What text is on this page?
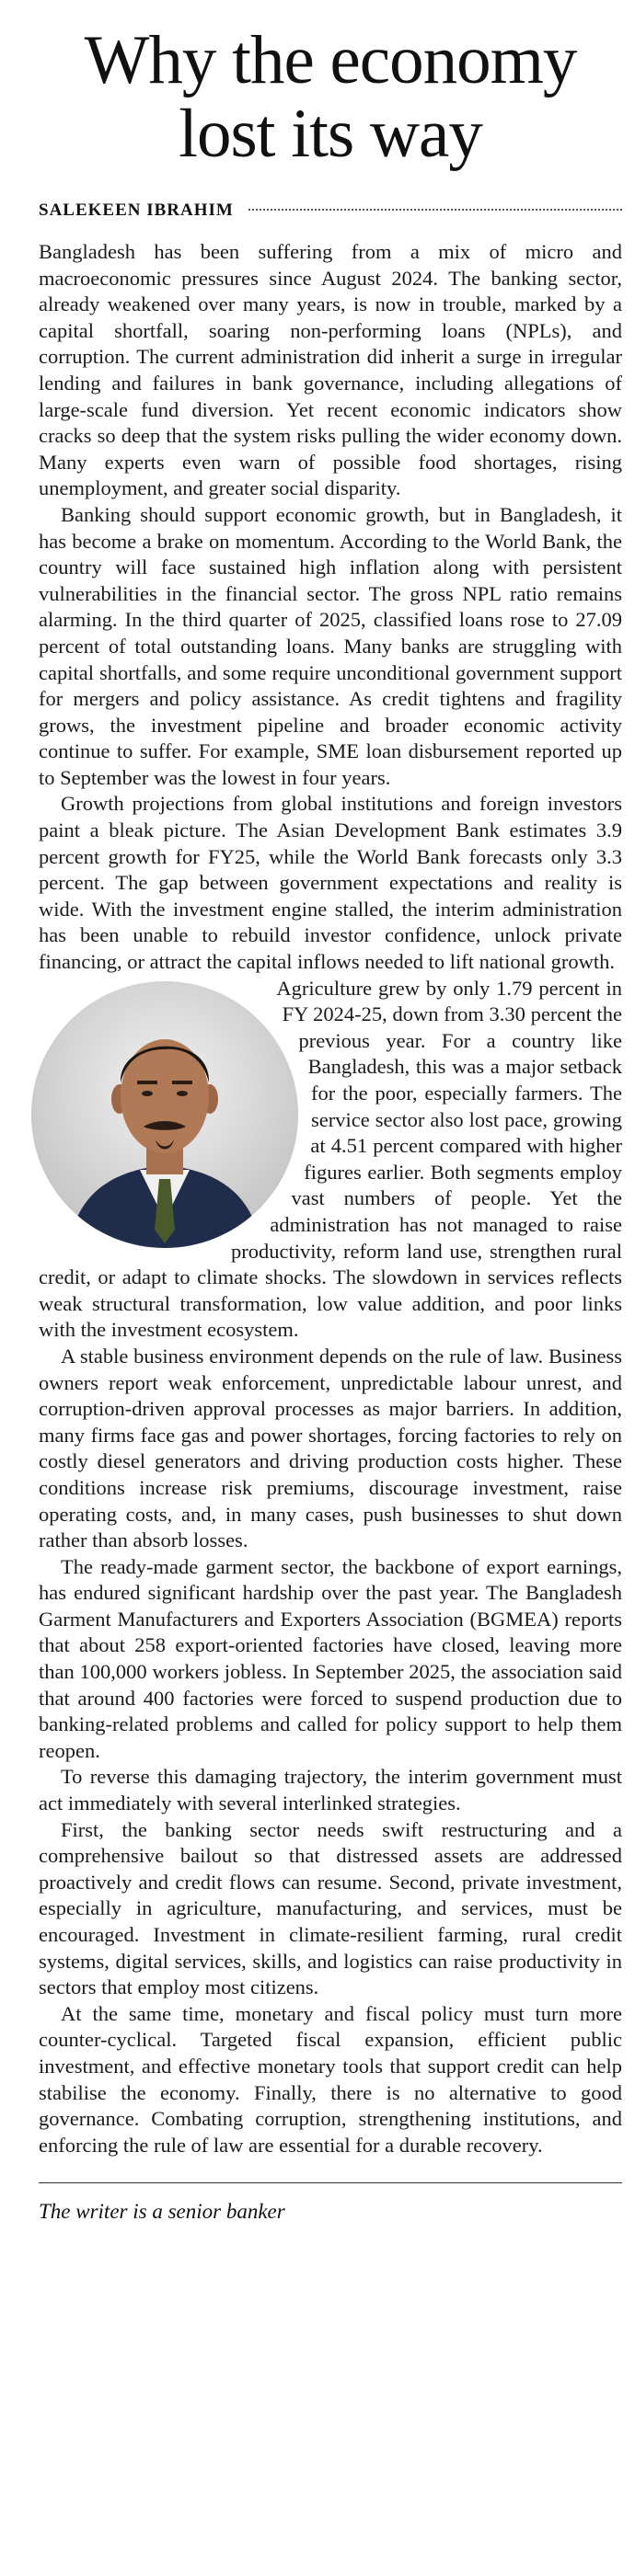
Why the economy
lost its way
SALEKEEN IBRAHIM

Bangladesh has been suffering from a mix of micro and macroeconomic pressures since August 2024. The banking sector, already weakened over many years, is now in trouble, marked by a capital shortfall, soaring non-performing loans (NPLs), and corruption. The current administration did inherit a surge in irregular lending and failures in bank governance, including allegations of large-scale fund diversion. Yet recent economic indicators show cracks so deep that the system risks pulling the wider economy down. Many experts even warn of possible food shortages, rising unemployment, and greater social disparity.

Banking should support economic growth, but in Bangladesh, it has become a brake on momentum. According to the World Bank, the country will face sustained high inflation along with persistent vulnerabilities in the financial sector. The gross NPL ratio remains alarming. In the third quarter of 2025, classified loans rose to 27.09 percent of total outstanding loans. Many banks are struggling with capital shortfalls, and some require unconditional government support for mergers and policy assistance. As credit tightens and fragility grows, the investment pipeline and broader economic activity continue to suffer. For example, SME loan disbursement reported up to September was the lowest in four years.

Growth projections from global institutions and foreign investors paint a bleak picture. The Asian Development Bank estimates 3.9 percent growth for FY25, while the World Bank forecasts only 3.3 percent. The gap between government expectations and reality is wide. With the investment engine stalled, the interim administration has been unable to rebuild investor confidence, unlock private financing, or attract the capital inflows needed to lift national growth.

Agriculture grew by only 1.79 percent in FY 2024-25, down from 3.30 percent the previous year. For a country like Bangladesh, this was a major setback for the poor, especially farmers. The service sector also lost pace, growing at 4.51 percent compared with higher figures earlier. Both segments employ vast numbers of people. Yet the administration has not managed to raise productivity, reform land use, strengthen rural credit, or adapt to climate shocks. The slowdown in services reflects weak structural transformation, low value addition, and poor links with the investment ecosystem.

A stable business environment depends on the rule of law. Business owners report weak enforcement, unpredictable labour unrest, and corruption-driven approval processes as major barriers. In addition, many firms face gas and power shortages, forcing factories to rely on costly diesel generators and driving production costs higher. These conditions increase risk premiums, discourage investment, raise operating costs, and, in many cases, push businesses to shut down rather than absorb losses.

The ready-made garment sector, the backbone of export earnings, has endured significant hardship over the past year. The Bangladesh Garment Manufacturers and Exporters Association (BGMEA) reports that about 258 export-oriented factories have closed, leaving more than 100,000 workers jobless. In September 2025, the association said that around 400 factories were forced to suspend production due to banking-related problems and called for policy support to help them reopen.

To reverse this damaging trajectory, the interim government must act immediately with several interlinked strategies.

First, the banking sector needs swift restructuring and a comprehensive bailout so that distressed assets are addressed proactively and credit flows can resume. Second, private investment, especially in agriculture, manufacturing, and services, must be encouraged. Investment in climate-resilient farming, rural credit systems, digital services, skills, and logistics can raise productivity in sectors that employ most citizens.

At the same time, monetary and fiscal policy must turn more counter-cyclical. Targeted fiscal expansion, efficient public investment, and effective monetary tools that support credit can help stabilise the economy. Finally, there is no alternative to good governance. Combating corruption, strengthening institutions, and enforcing the rule of law are essential for a durable recovery.

The writer is a senior banker
